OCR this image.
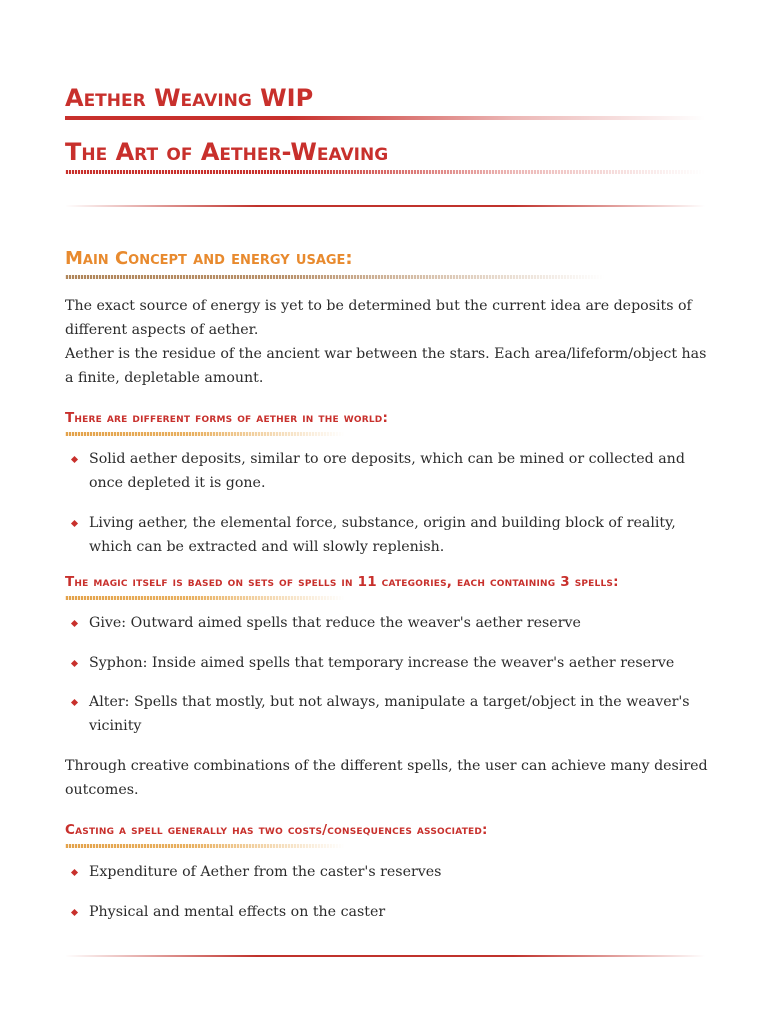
Aether Weaving WIP
The Art of Aether-Weaving
Main Concept and energy usage:

The exact source of energy is yet to be determined but the current idea are deposits of different aspects of aether.

Aether is the residue of the ancient war between the stars. Each area/lifeform/object has a finite, depletable amount.

There are different forms of aether in the world:
Solid aether deposits, similar to ore deposits, which can be mined or collected and once depleted it is gone.
Living aether, the elemental force, substance, origin and building block of reality, which can be extracted and will slowly replenish.
The magic itself is based on sets of spells in 11 categories, each containing 3 spells:
Give: Outward aimed spells that reduce the weaver's aether reserve
Syphon: Inside aimed spells that temporary increase the weaver's aether reserve
Alter: Spells that mostly, but not always, manipulate a target/object in the weaver's vicinity

Through creative combinations of the different spells, the user can achieve many desired outcomes.

Casting a spell generally has two costs/consequences associated:
Expenditure of Aether from the caster's reserves
Physical and mental effects on the caster
